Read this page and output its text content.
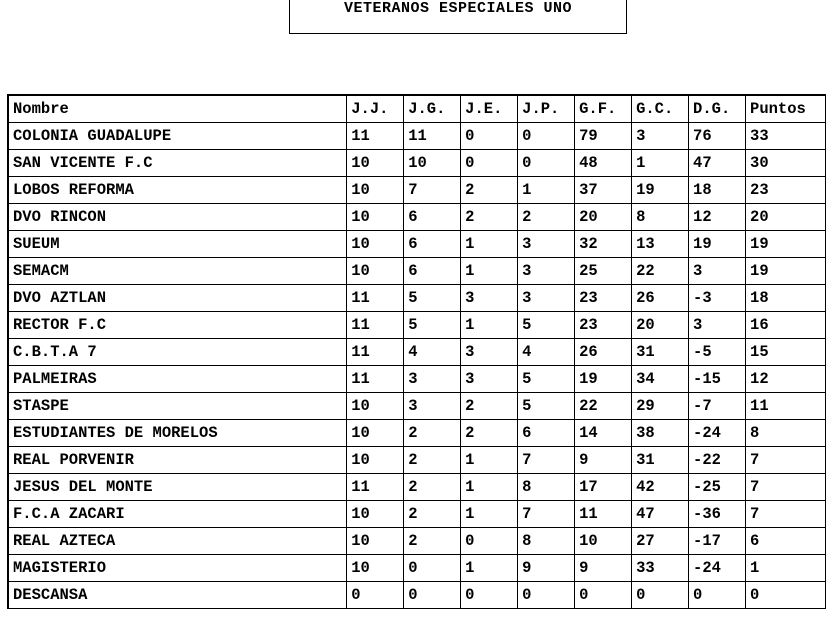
VETERANOS ESPECIALES UNO
Nombre	J.J.	J.G.	J.E.	J.P.	G.F.	G.C.	D.G.	Puntos
COLONIA GUADALUPE	11	11	0	0	79	3	76	33
SAN VICENTE F.C	10	10	0	0	48	1	47	30
LOBOS REFORMA	10	7	2	1	37	19	18	23
DVO RINCON	10	6	2	2	20	8	12	20
SUEUM	10	6	1	3	32	13	19	19
SEMACM	10	6	1	3	25	22	3	19
DVO AZTLAN	11	5	3	3	23	26	-3	18
RECTOR F.C	11	5	1	5	23	20	3	16
C.B.T.A 7	11	4	3	4	26	31	-5	15
PALMEIRAS	11	3	3	5	19	34	-15	12
STASPE	10	3	2	5	22	29	-7	11
ESTUDIANTES DE MORELOS	10	2	2	6	14	38	-24	8
REAL PORVENIR	10	2	1	7	9	31	-22	7
JESUS DEL MONTE	11	2	1	8	17	42	-25	7
F.C.A ZACARI	10	2	1	7	11	47	-36	7
REAL AZTECA	10	2	0	8	10	27	-17	6
MAGISTERIO	10	0	1	9	9	33	-24	1
DESCANSA	0	0	0	0	0	0	0	0
